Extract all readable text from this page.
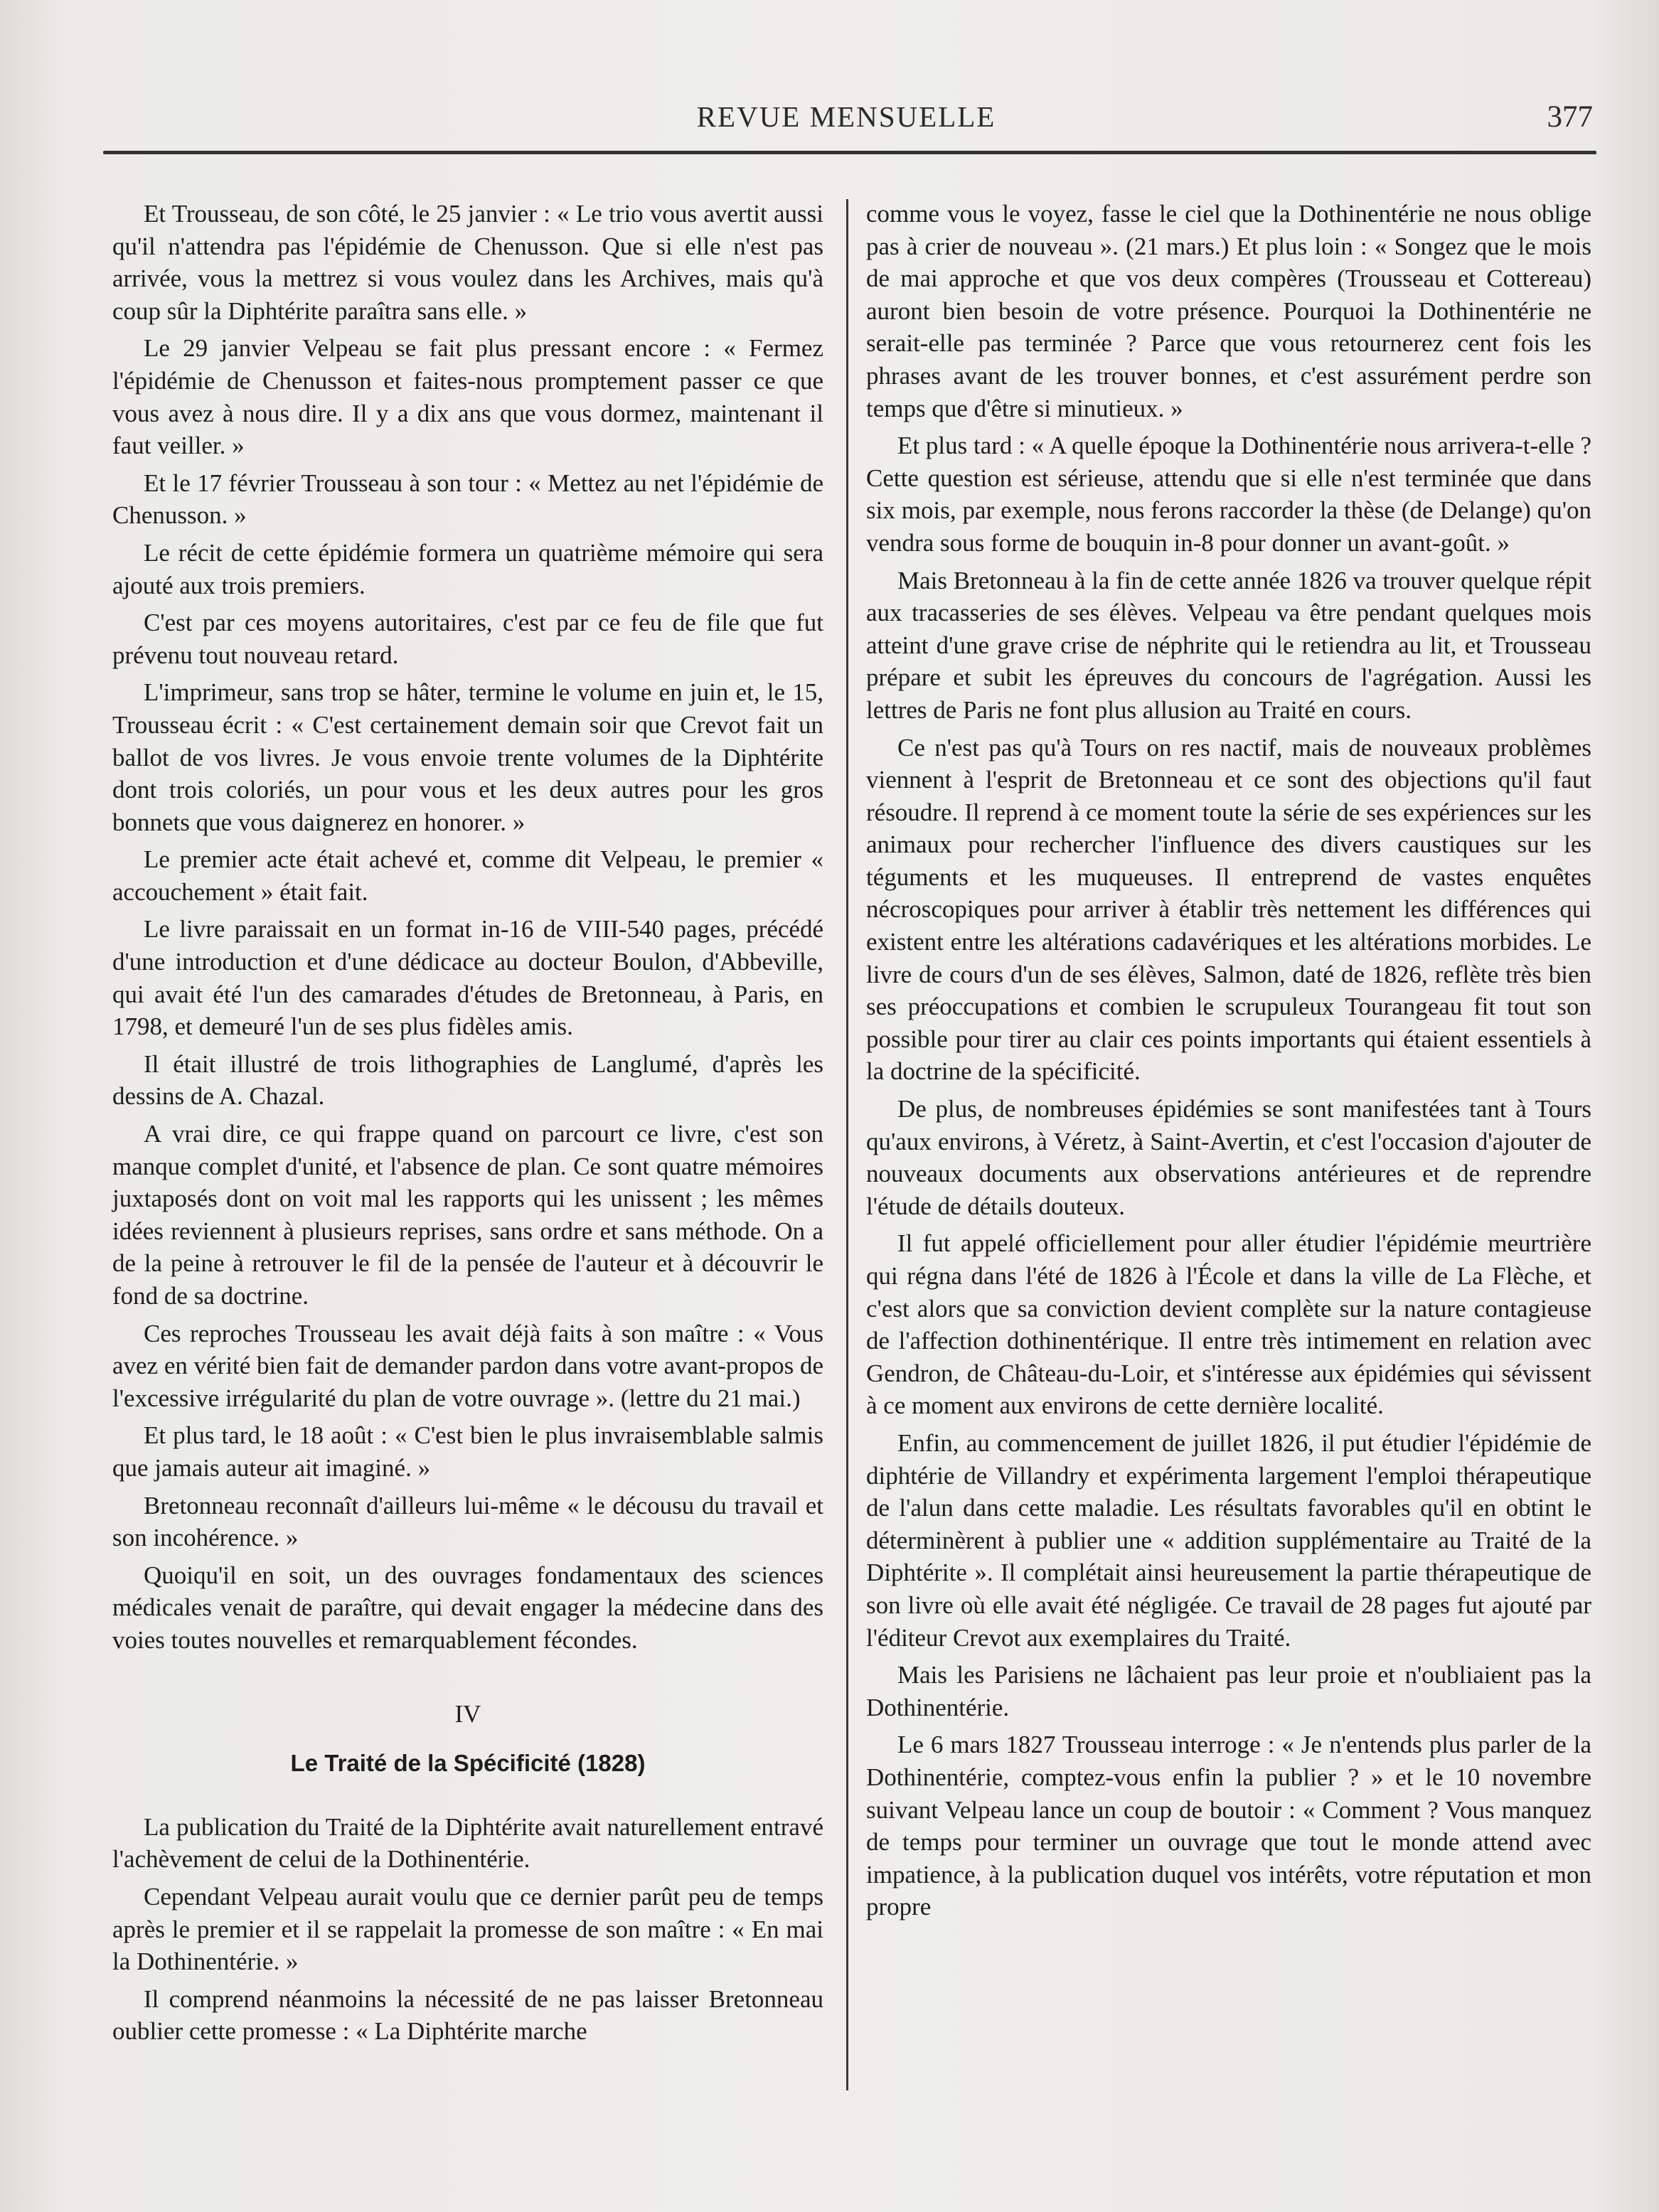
REVUE MENSUELLE	377

Et Trousseau, de son côté, le 25 janvier : « Le trio vous avertit aussi qu'il n'attendra pas l'épidémie de Chenusson. Que si elle n'est pas arrivée, vous la mettrez si vous voulez dans les Archives, mais qu'à coup sûr la Diphtérite paraîtra sans elle. »

Le 29 janvier Velpeau se fait plus pressant encore : « Fermez l'épidémie de Chenusson et faites-nous promptement passer ce que vous avez à nous dire. Il y a dix ans que vous dormez, maintenant il faut veiller. »

Et le 17 février Trousseau à son tour : « Mettez au net l'épidémie de Chenusson. »

Le récit de cette épidémie formera un quatrième mémoire qui sera ajouté aux trois premiers.

C'est par ces moyens autoritaires, c'est par ce feu de file que fut prévenu tout nouveau retard.

L'imprimeur, sans trop se hâter, termine le volume en juin et, le 15, Trousseau écrit : « C'est certainement demain soir que Crevot fait un ballot de vos livres. Je vous envoie trente volumes de la Diphtérite dont trois coloriés, un pour vous et les deux autres pour les gros bonnets que vous daignerez en honorer. »

Le premier acte était achevé et, comme dit Velpeau, le premier « accouchement » était fait.

Le livre paraissait en un format in-16 de VIII-540 pages, précédé d'une introduction et d'une dédicace au docteur Boulon, d'Abbeville, qui avait été l'un des camarades d'études de Bretonneau, à Paris, en 1798, et demeuré l'un de ses plus fidèles amis.

Il était illustré de trois lithographies de Langlumé, d'après les dessins de A. Chazal.

A vrai dire, ce qui frappe quand on parcourt ce livre, c'est son manque complet d'unité, et l'absence de plan. Ce sont quatre mémoires juxtaposés dont on voit mal les rapports qui les unissent ; les mêmes idées reviennent à plusieurs reprises, sans ordre et sans méthode. On a de la peine à retrouver le fil de la pensée de l'auteur et à découvrir le fond de sa doctrine.

Ces reproches Trousseau les avait déjà faits à son maître : « Vous avez en vérité bien fait de demander pardon dans votre avant-propos de l'excessive irrégularité du plan de votre ouvrage ». (lettre du 21 mai.)

Et plus tard, le 18 août : « C'est bien le plus invraisemblable salmis que jamais auteur ait imaginé. »

Bretonneau reconnaît d'ailleurs lui-même « le décousu du travail et son incohérence. »

Quoiqu'il en soit, un des ouvrages fondamentaux des sciences médicales venait de paraître, qui devait engager la médecine dans des voies toutes nouvelles et remarquablement fécondes.

IV
Le Traité de la Spécificité (1828)

La publication du Traité de la Diphtérite avait naturellement entravé l'achèvement de celui de la Dothinentérie.

Cependant Velpeau aurait voulu que ce dernier parût peu de temps après le premier et il se rappelait la promesse de son maître : « En mai la Dothinentérie. »

Il comprend néanmoins la nécessité de ne pas laisser Bretonneau oublier cette promesse : « La Diphtérite marche

comme vous le voyez, fasse le ciel que la Dothinentérie ne nous oblige pas à crier de nouveau ». (21 mars.) Et plus loin : « Songez que le mois de mai approche et que vos deux compères (Trousseau et Cottereau) auront bien besoin de votre présence. Pourquoi la Dothinentérie ne serait-elle pas terminée ? Parce que vous retournerez cent fois les phrases avant de les trouver bonnes, et c'est assurément perdre son temps que d'être si minutieux. »

Et plus tard : « A quelle époque la Dothinentérie nous arrivera-t-elle ? Cette question est sérieuse, attendu que si elle n'est terminée que dans six mois, par exemple, nous ferons raccorder la thèse (de Delange) qu'on vendra sous forme de bouquin in-8 pour donner un avant-goût. »

Mais Bretonneau à la fin de cette année 1826 va trouver quelque répit aux tracasseries de ses élèves. Velpeau va être pendant quelques mois atteint d'une grave crise de néphrite qui le retiendra au lit, et Trousseau prépare et subit les épreuves du concours de l'agrégation. Aussi les lettres de Paris ne font plus allusion au Traité en cours.

Ce n'est pas qu'à Tours on res nactif, mais de nouveaux problèmes viennent à l'esprit de Bretonneau et ce sont des objections qu'il faut résoudre. Il reprend à ce moment toute la série de ses expériences sur les animaux pour rechercher l'influence des divers caustiques sur les téguments et les muqueuses. Il entreprend de vastes enquêtes nécroscopiques pour arriver à établir très nettement les différences qui existent entre les altérations cadavériques et les altérations morbides. Le livre de cours d'un de ses élèves, Salmon, daté de 1826, reflète très bien ses préoccupations et combien le scrupuleux Tourangeau fit tout son possible pour tirer au clair ces points importants qui étaient essentiels à la doctrine de la spécificité.

De plus, de nombreuses épidémies se sont manifestées tant à Tours qu'aux environs, à Véretz, à Saint-Avertin, et c'est l'occasion d'ajouter de nouveaux documents aux observations antérieures et de reprendre l'étude de détails douteux.

Il fut appelé officiellement pour aller étudier l'épidémie meurtrière qui régna dans l'été de 1826 à l'École et dans la ville de La Flèche, et c'est alors que sa conviction devient complète sur la nature contagieuse de l'affection dothinentérique. Il entre très intimement en relation avec Gendron, de Château-du-Loir, et s'intéresse aux épidémies qui sévissent à ce moment aux environs de cette dernière localité.

Enfin, au commencement de juillet 1826, il put étudier l'épidémie de diphtérie de Villandry et expérimenta largement l'emploi thérapeutique de l'alun dans cette maladie. Les résultats favorables qu'il en obtint le déterminèrent à publier une « addition supplémentaire au Traité de la Diphtérite ». Il complétait ainsi heureusement la partie thérapeutique de son livre où elle avait été négligée. Ce travail de 28 pages fut ajouté par l'éditeur Crevot aux exemplaires du Traité.

Mais les Parisiens ne lâchaient pas leur proie et n'oubliaient pas la Dothinentérie.

Le 6 mars 1827 Trousseau interroge : « Je n'entends plus parler de la Dothinentérie, comptez-vous enfin la publier ? » et le 10 novembre suivant Velpeau lance un coup de boutoir : « Comment ? Vous manquez de temps pour terminer un ouvrage que tout le monde attend avec impatience, à la publication duquel vos intérêts, votre réputation et mon propre
